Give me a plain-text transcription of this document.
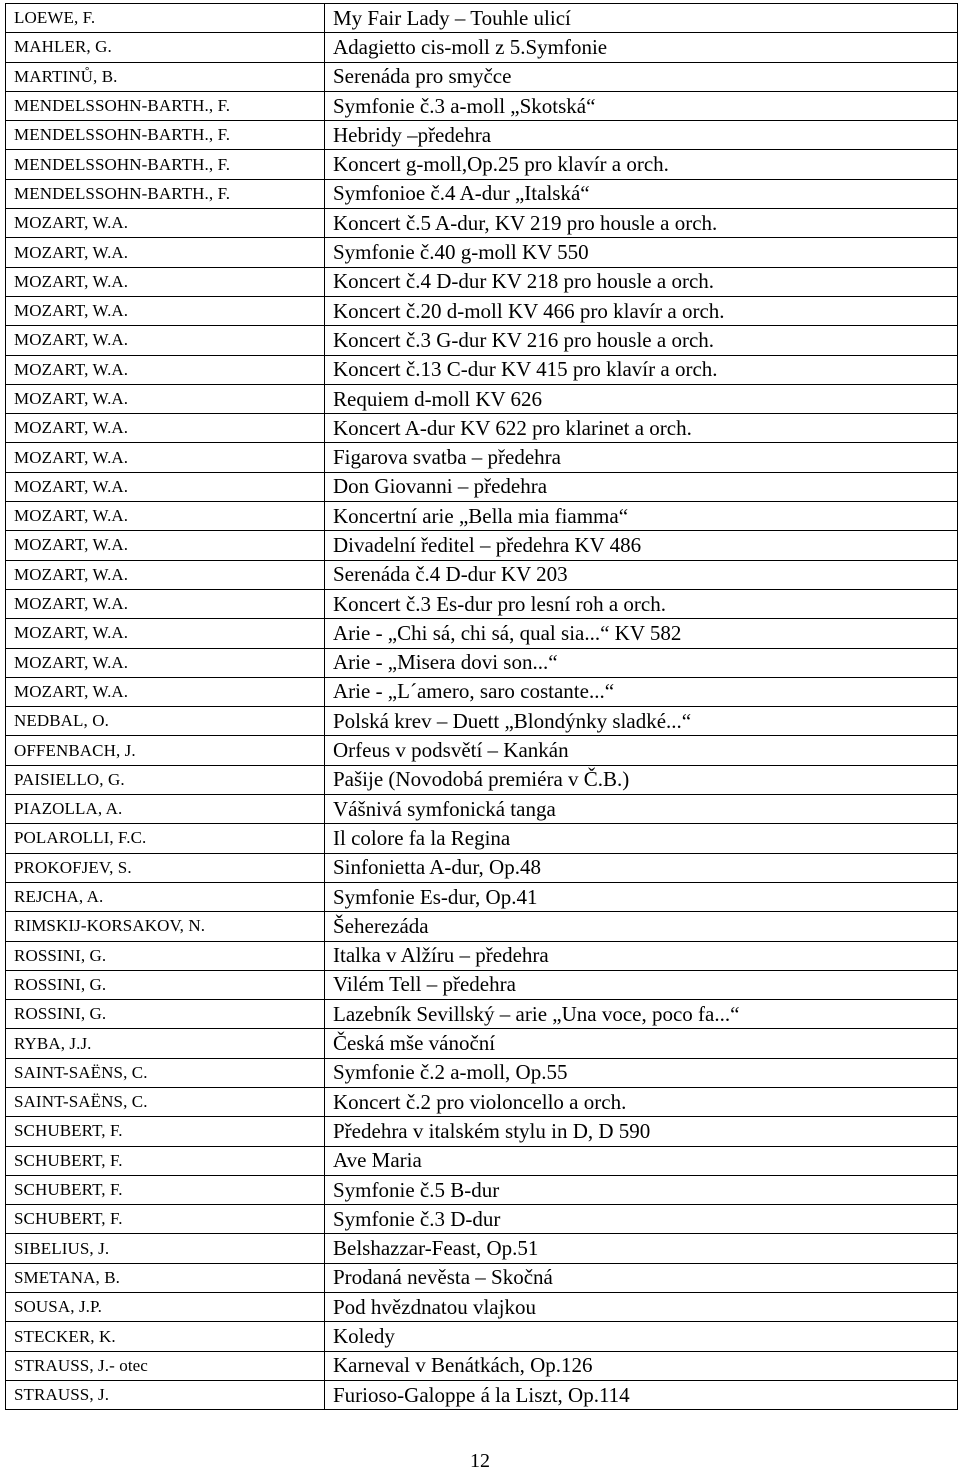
LOEWE, F.	My Fair Lady – Touhle ulicí
MAHLER, G.	Adagietto cis-moll z 5.Symfonie
MARTINŮ, B.	Serenáda pro smyčce
MENDELSSOHN-BARTH., F.	Symfonie č.3 a-moll „Skotská“
MENDELSSOHN-BARTH., F.	Hebridy –předehra
MENDELSSOHN-BARTH., F.	Koncert g-moll,Op.25 pro klavír a orch.
MENDELSSOHN-BARTH., F.	Symfonioe č.4 A-dur „Italská“
MOZART, W.A.	Koncert č.5 A-dur, KV 219 pro housle a orch.
MOZART, W.A.	Symfonie č.40 g-moll KV 550
MOZART, W.A.	Koncert č.4 D-dur KV 218 pro housle a orch.
MOZART, W.A.	Koncert č.20 d-moll KV 466 pro klavír a orch.
MOZART, W.A.	Koncert č.3 G-dur KV 216 pro housle a orch.
MOZART, W.A.	Koncert č.13 C-dur KV 415 pro klavír a orch.
MOZART, W.A.	Requiem d-moll KV 626
MOZART, W.A.	Koncert A-dur KV 622 pro klarinet a orch.
MOZART, W.A.	Figarova svatba – předehra
MOZART, W.A.	Don Giovanni – předehra
MOZART, W.A.	Koncertní arie „Bella mia fiamma“
MOZART, W.A.	Divadelní ředitel – předehra KV 486
MOZART, W.A.	Serenáda č.4 D-dur KV 203
MOZART, W.A.	Koncert č.3 Es-dur pro lesní roh a orch.
MOZART, W.A.	Arie - „Chi sá, chi sá, qual sia...“ KV 582
MOZART, W.A.	Arie - „Misera dovi son...“
MOZART, W.A.	Arie - „L´amero, saro costante...“
NEDBAL, O.	Polská krev – Duett „Blondýnky sladké...“
OFFENBACH, J.	Orfeus v podsvětí – Kankán
PAISIELLO, G.	Pašije (Novodobá premiéra v Č.B.)
PIAZOLLA, A.	Vášnivá symfonická tanga
POLAROLLI, F.C.	Il colore fa la Regina
PROKOFJEV, S.	Sinfonietta A-dur, Op.48
REJCHA, A.	Symfonie Es-dur, Op.41
RIMSKIJ-KORSAKOV, N.	Šeherezáda
ROSSINI, G.	Italka v Alžíru – předehra
ROSSINI, G.	Vilém Tell – předehra
ROSSINI, G.	Lazebník Sevillský – arie „Una voce, poco fa...“
RYBA, J.J.	Česká mše vánoční
SAINT-SAËNS, C.	Symfonie č.2 a-moll, Op.55
SAINT-SAËNS, C.	Koncert č.2 pro violoncello a orch.
SCHUBERT, F.	Předehra v italském stylu in D, D 590
SCHUBERT, F.	Ave Maria
SCHUBERT, F.	Symfonie č.5 B-dur
SCHUBERT, F.	Symfonie č.3 D-dur
SIBELIUS, J.	Belshazzar-Feast, Op.51
SMETANA, B.	Prodaná nevěsta – Skočná
SOUSA, J.P.	Pod hvězdnatou vlajkou
STECKER, K.	Koledy
STRAUSS, J.- otec	Karneval v Benátkách, Op.126
STRAUSS, J.	Furioso-Galoppe á la Liszt, Op.114
12
